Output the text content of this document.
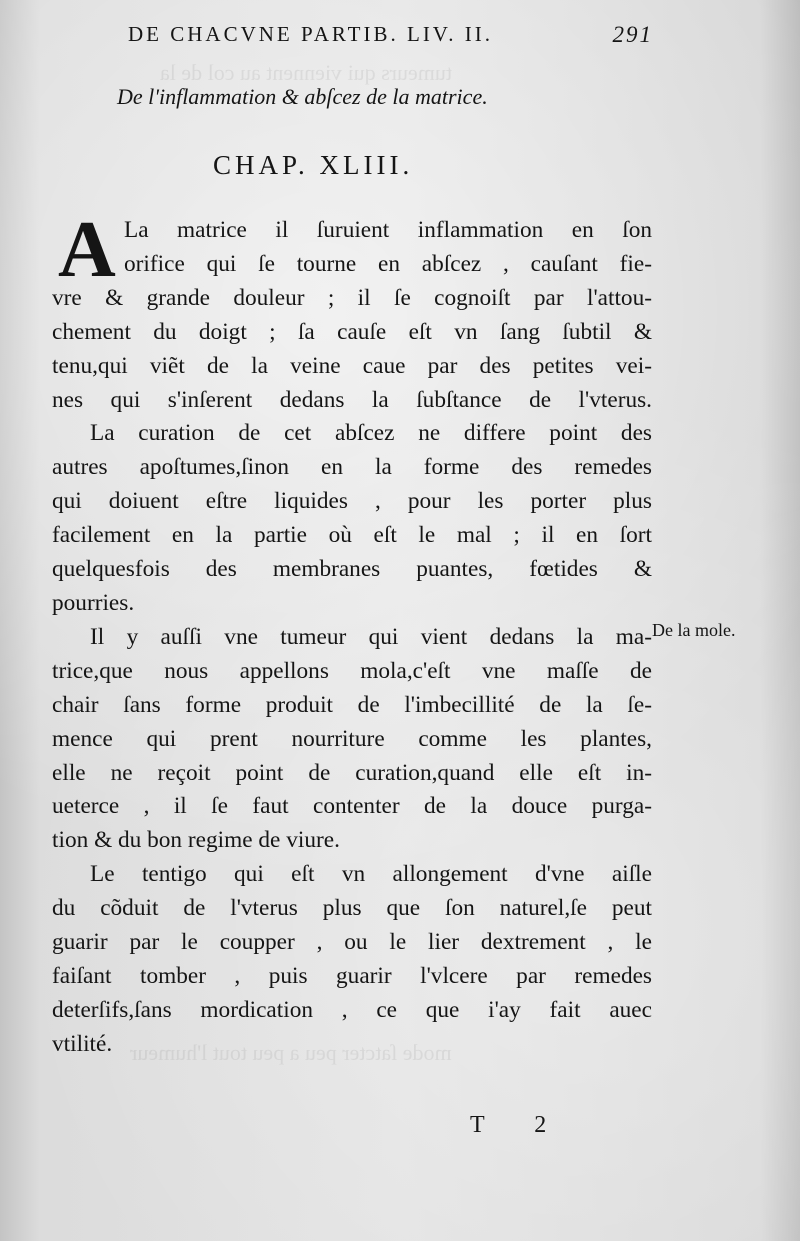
tumeurs qui viennent au col de la
mode ſatcter peu a peu tout l'humeur
DE CHACVNE PARTIB. LIV. II.	291
De l'inflammation & abſcez de la matrice.
CHAP. XLIII.
A La matrice il ſuruient inflammation en ſon
orifice qui ſe tourne en abſcez , cauſant fie-
vre & grande douleur ; il ſe cognoiſt par l'attou-
chement du doigt ; ſa cauſe eſt vn ſang ſubtil &
tenu,qui viẽt de la veine caue par des petites vei-
nes qui s'inſerent dedans la ſubſtance de l'vterus.
La curation de cet abſcez ne differe point des
autres apoſtumes,ſinon en la forme des remedes
qui doiuent eſtre liquides , pour les porter plus
facilement en la partie où eſt le mal ; il en ſort
quelquesfois des membranes puantes, fœtides &
pourries.
Il y auſſi vne tumeur qui vient dedans la ma-
trice,que nous appellons mola,c'eſt vne maſſe de
chair ſans forme produit de l'imbecillité de la ſe-
mence qui prent nourriture comme les plantes,
elle ne reçoit point de curation,quand elle eſt in-
ueterce , il ſe faut contenter de la douce purga-
tion & du bon regime de viure.
Le tentigo qui eſt vn allongement d'vne aiſle
du cõduit de l'vterus plus que ſon naturel,ſe peut
guarir par le coupper , ou le lier dextrement , le
faiſant tomber , puis guarir l'vlcere par remedes
deterſifs,ſans mordication , ce que i'ay fait auec
vtilité.
De la mole.
T 2
